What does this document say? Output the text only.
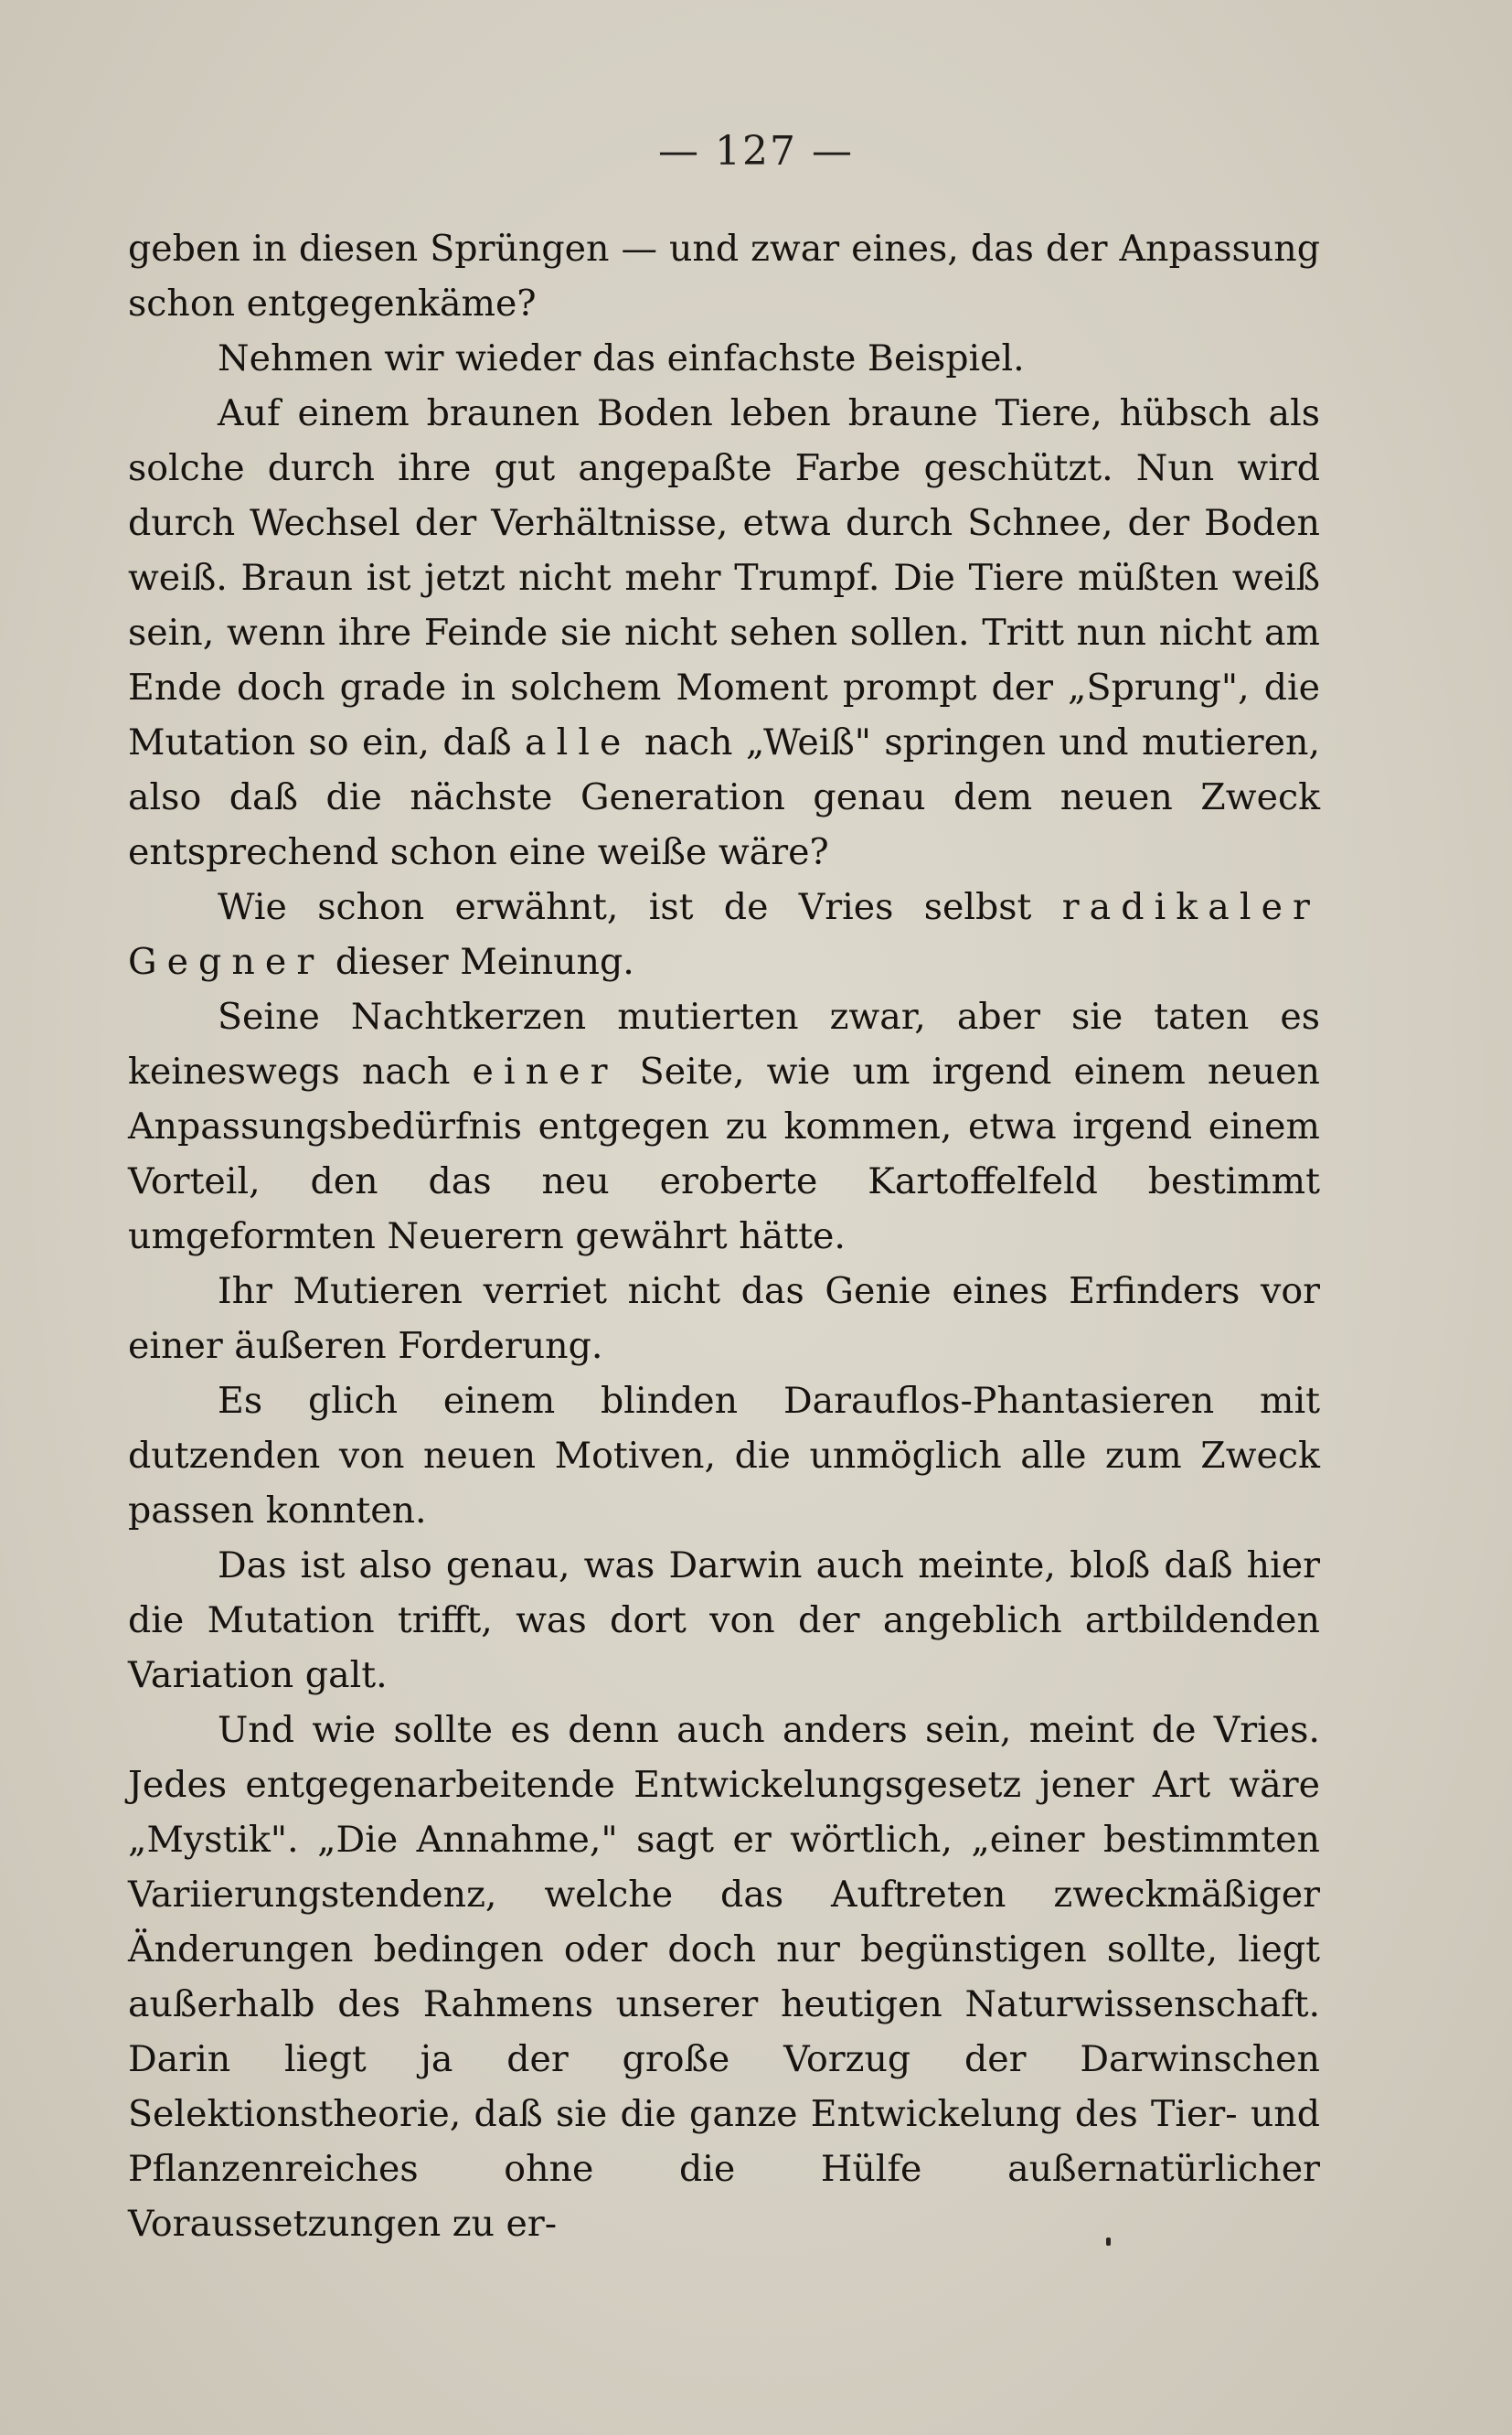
— 127 —

geben in diesen Sprüngen — und zwar eines, das der Anpassung schon entgegenkäme?

Nehmen wir wieder das einfachste Beispiel.

Auf einem braunen Boden leben braune Tiere, hübsch als solche durch ihre gut angepaßte Farbe geschützt. Nun wird durch Wechsel der Verhältnisse, etwa durch Schnee, der Boden weiß. Braun ist jetzt nicht mehr Trumpf. Die Tiere müßten weiß sein, wenn ihre Feinde sie nicht sehen sollen. Tritt nun nicht am Ende doch grade in solchem Moment prompt der „Sprung", die Mutation so ein, daß alle nach „Weiß" springen und mutieren, also daß die nächste Generation genau dem neuen Zweck entsprechend schon eine weiße wäre?

Wie schon erwähnt, ist de Vries selbst radikaler Gegner dieser Meinung.

Seine Nachtkerzen mutierten zwar, aber sie taten es keineswegs nach einer Seite, wie um irgend einem neuen Anpassungsbedürfnis entgegen zu kommen, etwa irgend einem Vorteil, den das neu eroberte Kartoffelfeld bestimmt umgeformten Neuerern gewährt hätte.

Ihr Mutieren verriet nicht das Genie eines Erfinders vor einer äußeren Forderung.

Es glich einem blinden Darauflos-Phantasieren mit dutzenden von neuen Motiven, die unmöglich alle zum Zweck passen konnten.

Das ist also genau, was Darwin auch meinte, bloß daß hier die Mutation trifft, was dort von der angeblich artbildenden Variation galt.

Und wie sollte es denn auch anders sein, meint de Vries. Jedes entgegenarbeitende Entwickelungsgesetz jener Art wäre „Mystik". „Die Annahme," sagt er wörtlich, „einer bestimmten Variierungstendenz, welche das Auftreten zweckmäßiger Änderungen bedingen oder doch nur begünstigen sollte, liegt außerhalb des Rahmens unserer heutigen Naturwissenschaft. Darin liegt ja der große Vorzug der Darwinschen Selektionstheorie, daß sie die ganze Entwickelung des Tier- und Pflanzenreiches ohne die Hülfe außernatürlicher Voraussetzungen zu er-
